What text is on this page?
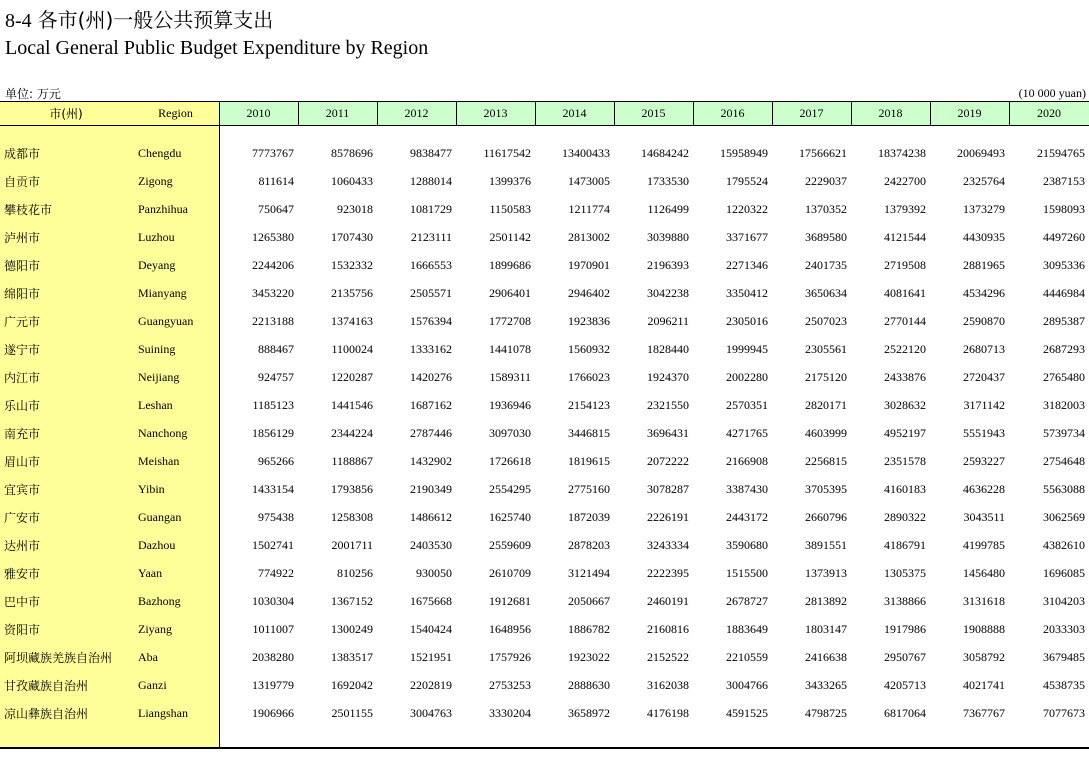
8-4 各市(州)一般公共预算支出
Local General Public Budget Expenditure by Region
单位: 万元	(10 000 yuan)
市(州)	Region	2010	2011	2012	2013	2014	2015	2016	2017	2018	2019	2020

成都市	Chengdu	7773767	8578696	9838477	11617542	13400433	14684242	15958949	17566621	18374238	20069493	21594765
自贡市	Zigong	811614	1060433	1288014	1399376	1473005	1733530	1795524	2229037	2422700	2325764	2387153
攀枝花市	Panzhihua	750647	923018	1081729	1150583	1211774	1126499	1220322	1370352	1379392	1373279	1598093
泸州市	Luzhou	1265380	1707430	2123111	2501142	2813002	3039880	3371677	3689580	4121544	4430935	4497260
德阳市	Deyang	2244206	1532332	1666553	1899686	1970901	2196393	2271346	2401735	2719508	2881965	3095336
绵阳市	Mianyang	3453220	2135756	2505571	2906401	2946402	3042238	3350412	3650634	4081641	4534296	4446984
广元市	Guangyuan	2213188	1374163	1576394	1772708	1923836	2096211	2305016	2507023	2770144	2590870	2895387
遂宁市	Suining	888467	1100024	1333162	1441078	1560932	1828440	1999945	2305561	2522120	2680713	2687293
内江市	Neijiang	924757	1220287	1420276	1589311	1766023	1924370	2002280	2175120	2433876	2720437	2765480
乐山市	Leshan	1185123	1441546	1687162	1936946	2154123	2321550	2570351	2820171	3028632	3171142	3182003
南充市	Nanchong	1856129	2344224	2787446	3097030	3446815	3696431	4271765	4603999	4952197	5551943	5739734
眉山市	Meishan	965266	1188867	1432902	1726618	1819615	2072222	2166908	2256815	2351578	2593227	2754648
宜宾市	Yibin	1433154	1793856	2190349	2554295	2775160	3078287	3387430	3705395	4160183	4636228	5563088
广安市	Guangan	975438	1258308	1486612	1625740	1872039	2226191	2443172	2660796	2890322	3043511	3062569
达州市	Dazhou	1502741	2001711	2403530	2559609	2878203	3243334	3590680	3891551	4186791	4199785	4382610
雅安市	Yaan	774922	810256	930050	2610709	3121494	2222395	1515500	1373913	1305375	1456480	1696085
巴中市	Bazhong	1030304	1367152	1675668	1912681	2050667	2460191	2678727	2813892	3138866	3131618	3104203
资阳市	Ziyang	1011007	1300249	1540424	1648956	1886782	2160816	1883649	1803147	1917986	1908888	2033303
阿坝藏族羌族自治州	Aba	2038280	1383517	1521951	1757926	1923022	2152522	2210559	2416638	2950767	3058792	3679485
甘孜藏族自治州	Ganzi	1319779	1692042	2202819	2753253	2888630	3162038	3004766	3433265	4205713	4021741	4538735
凉山彝族自治州	Liangshan	1906966	2501155	3004763	3330204	3658972	4176198	4591525	4798725	6817064	7367767	7077673
